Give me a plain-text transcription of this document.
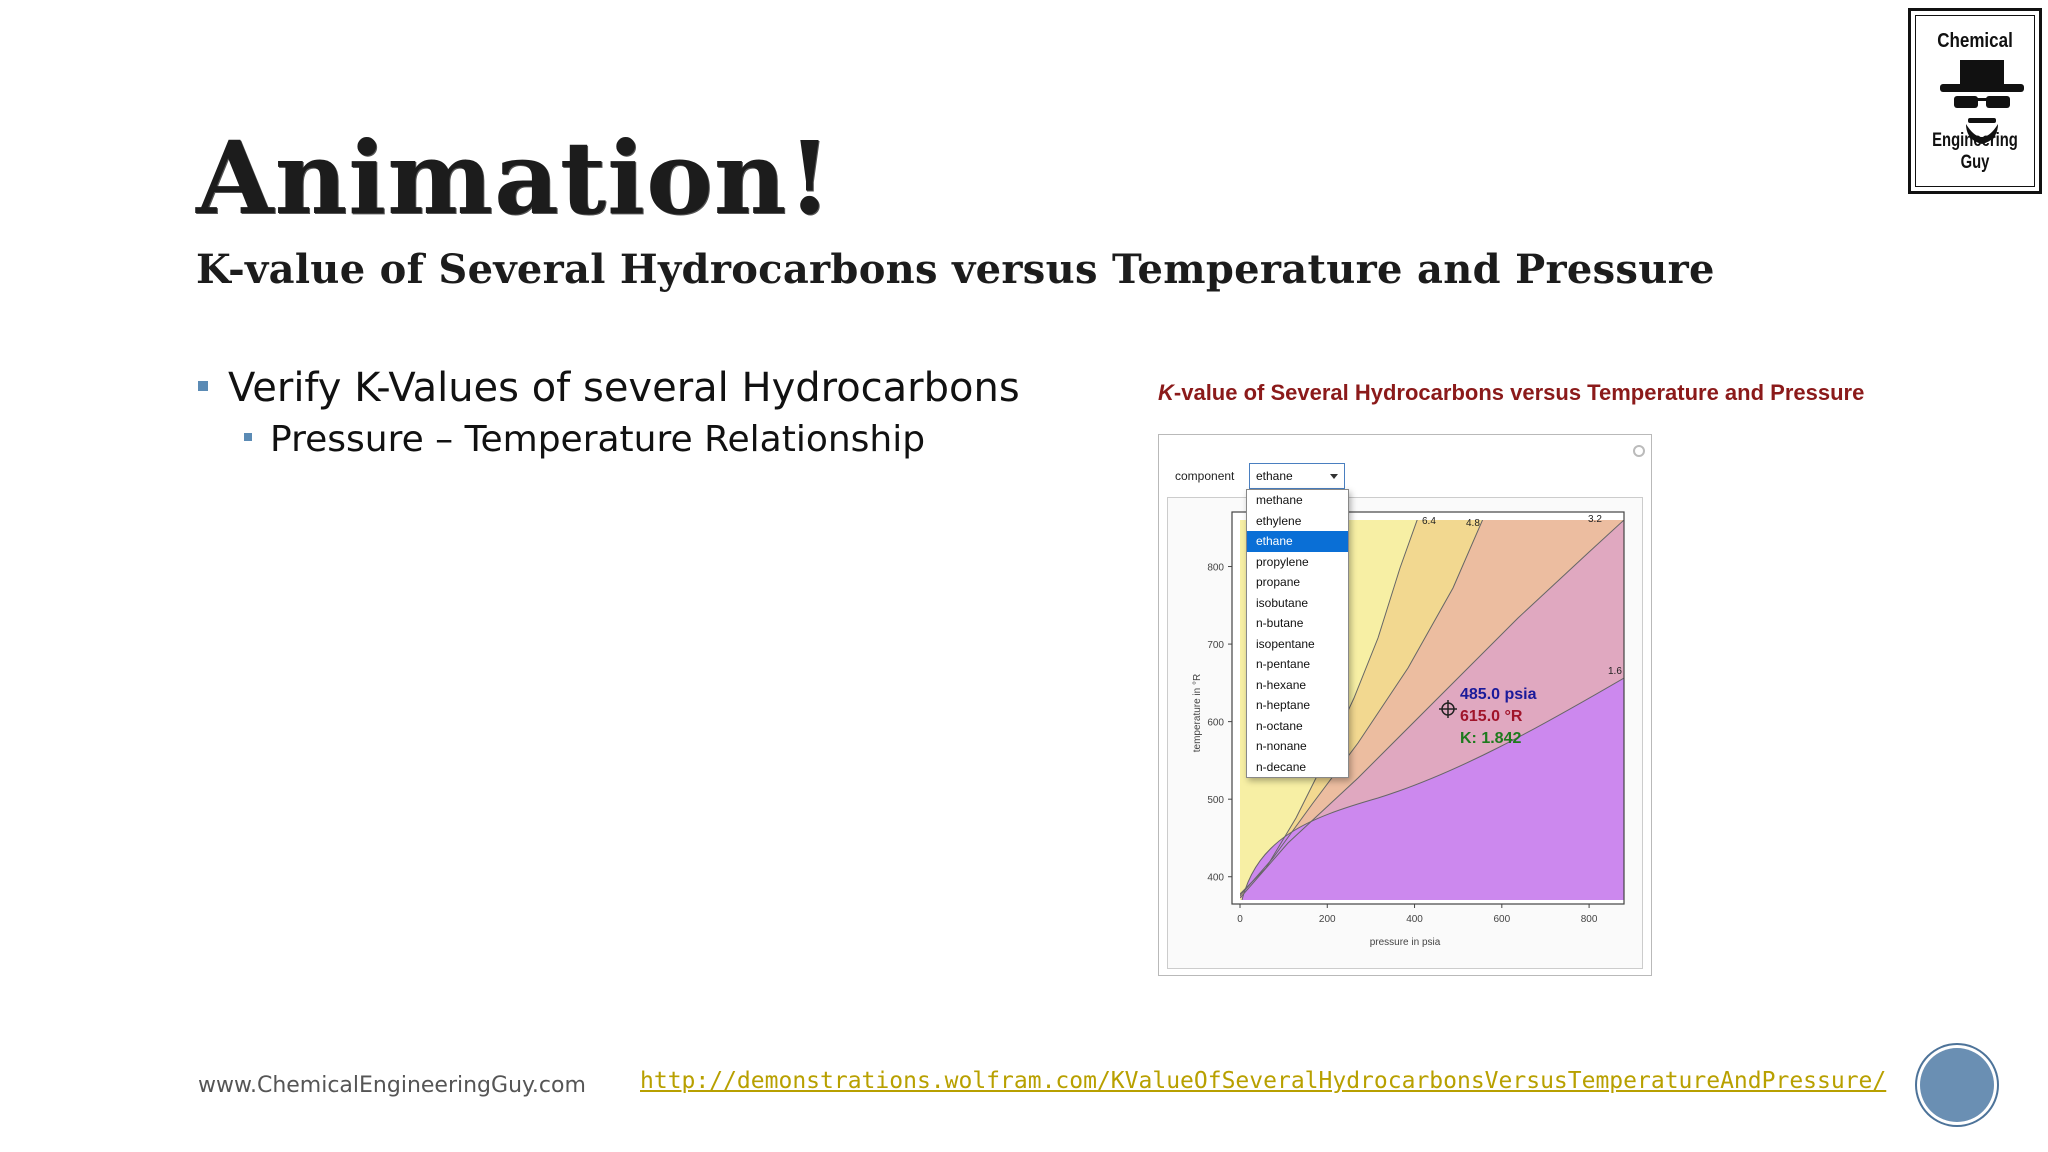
Chemical
Engineering Guy
Animation!
K-value of Several Hydrocarbons versus Temperature and Pressure
Verify K-Values of several Hydrocarbons
Pressure – Temperature Relationship
K-value of Several Hydrocarbons versus Temperature and Pressure
component	ethane
6.4	4.8	3.2
1.6
400
500
600
700
800
0	200	400	600	800
pressure in psia
temperature in °R	485.0 psia
615.0 °R
K: 1.842
methane
ethylene
ethane
propylene
propane
isobutane
n-butane
isopentane
n-pentane
n-hexane
n-heptane
n-octane
n-nonane
n-decane
www.ChemicalEngineeringGuy.com http://demonstrations.wolfram.com/KValueOfSeveralHydrocarbonsVersusTemperatureAndPressure/
